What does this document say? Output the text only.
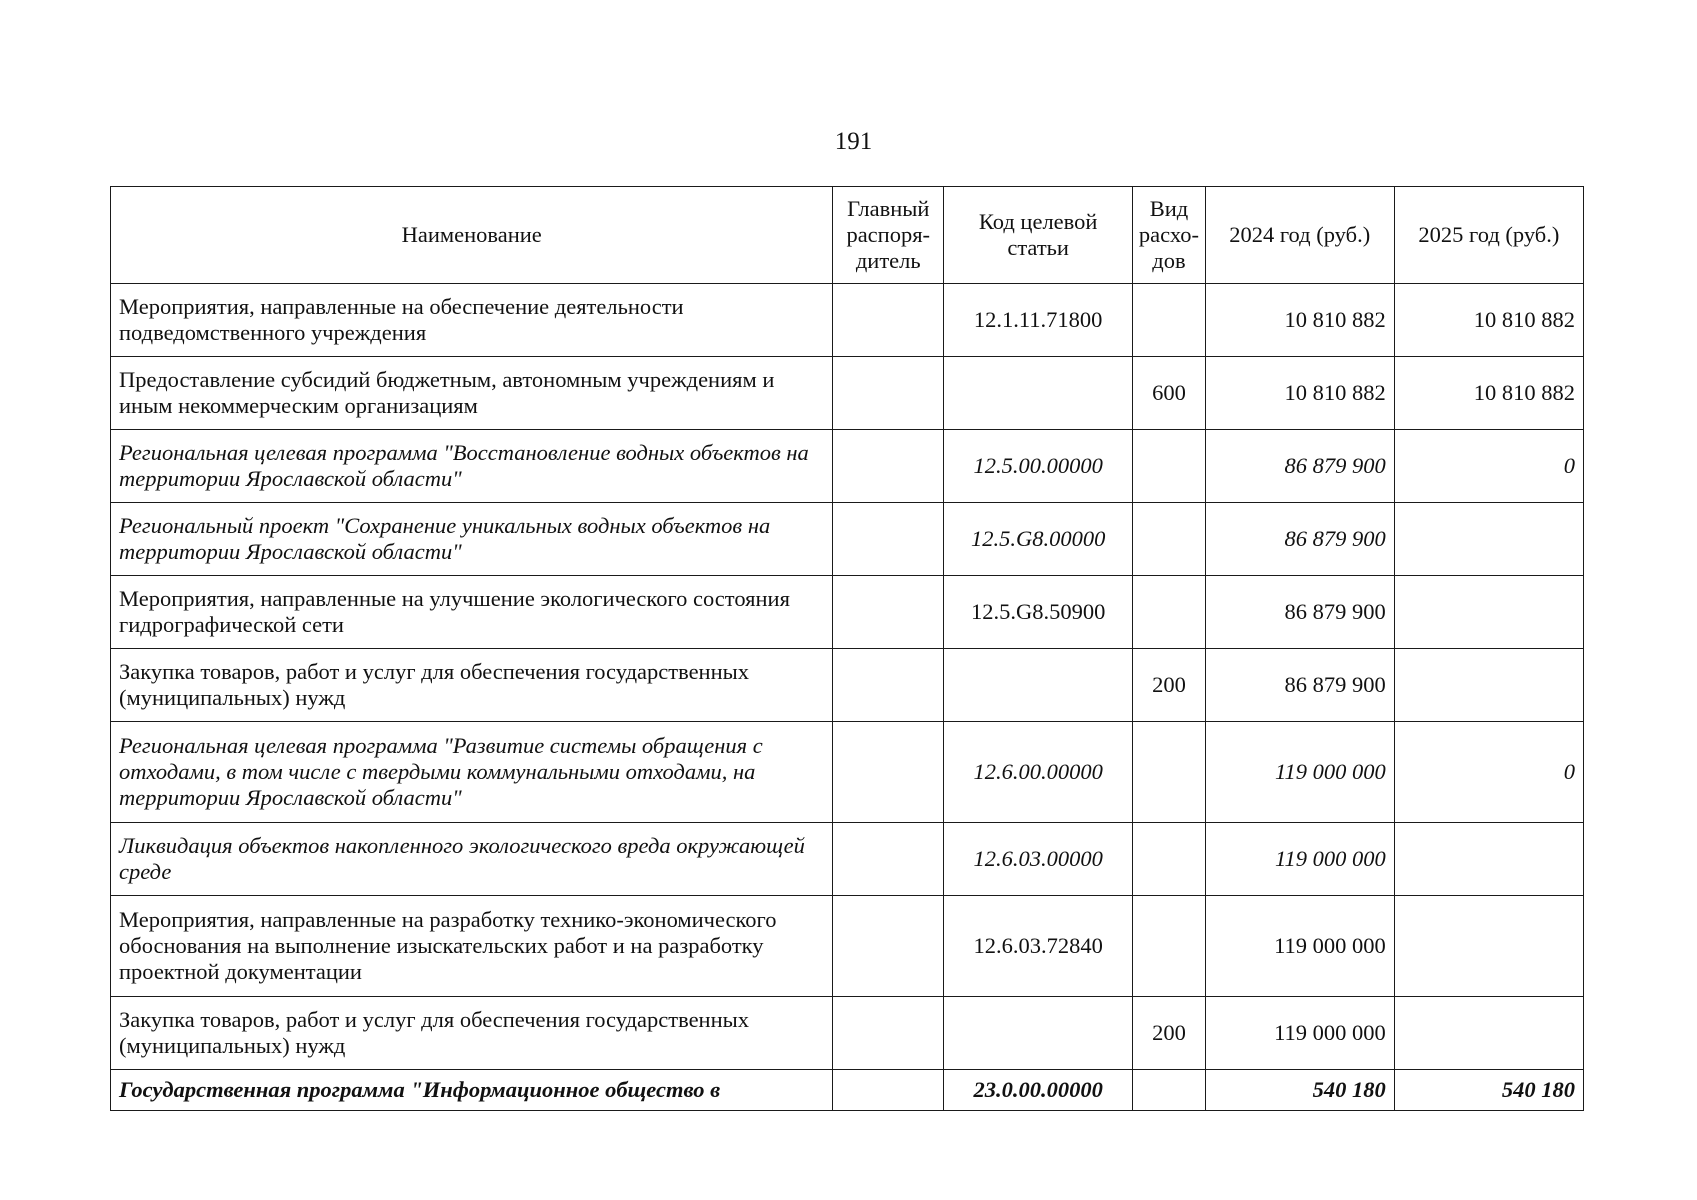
191
Наименование	Главный распоря-дитель	Код целевой статьи	Вид расхо-дов	2024 год (руб.)	2025 год (руб.)
Мероприятия, направленные на обеспечение деятельности подведомственного учреждения		12.1.11.71800		10 810 882	10 810 882
Предоставление субсидий бюджетным, автономным учреждениям и иным некоммерческим организациям			600	10 810 882	10 810 882
Региональная целевая программа "Восстановление водных объектов на территории Ярославской области"		12.5.00.00000		86 879 900	0
Региональный проект "Сохранение уникальных водных объектов на территории Ярославской области"		12.5.G8.00000		86 879 900	
Мероприятия, направленные на улучшение экологического состояния гидрографической сети		12.5.G8.50900		86 879 900	
Закупка товаров, работ и услуг для обеспечения государственных (муниципальных) нужд			200	86 879 900	
Региональная целевая программа "Развитие системы обращения с отходами, в том числе с твердыми коммунальными отходами, на территории Ярославской области"		12.6.00.00000		119 000 000	0
Ликвидация объектов накопленного экологического вреда окружающей среде		12.6.03.00000		119 000 000	
Мероприятия, направленные на разработку технико-экономического обоснования на выполнение изыскательских работ и на разработку проектной документации		12.6.03.72840		119 000 000	
Закупка товаров, работ и услуг для обеспечения государственных (муниципальных) нужд			200	119 000 000	
Государственная программа "Информационное общество в		23.0.00.00000		540 180	540 180
